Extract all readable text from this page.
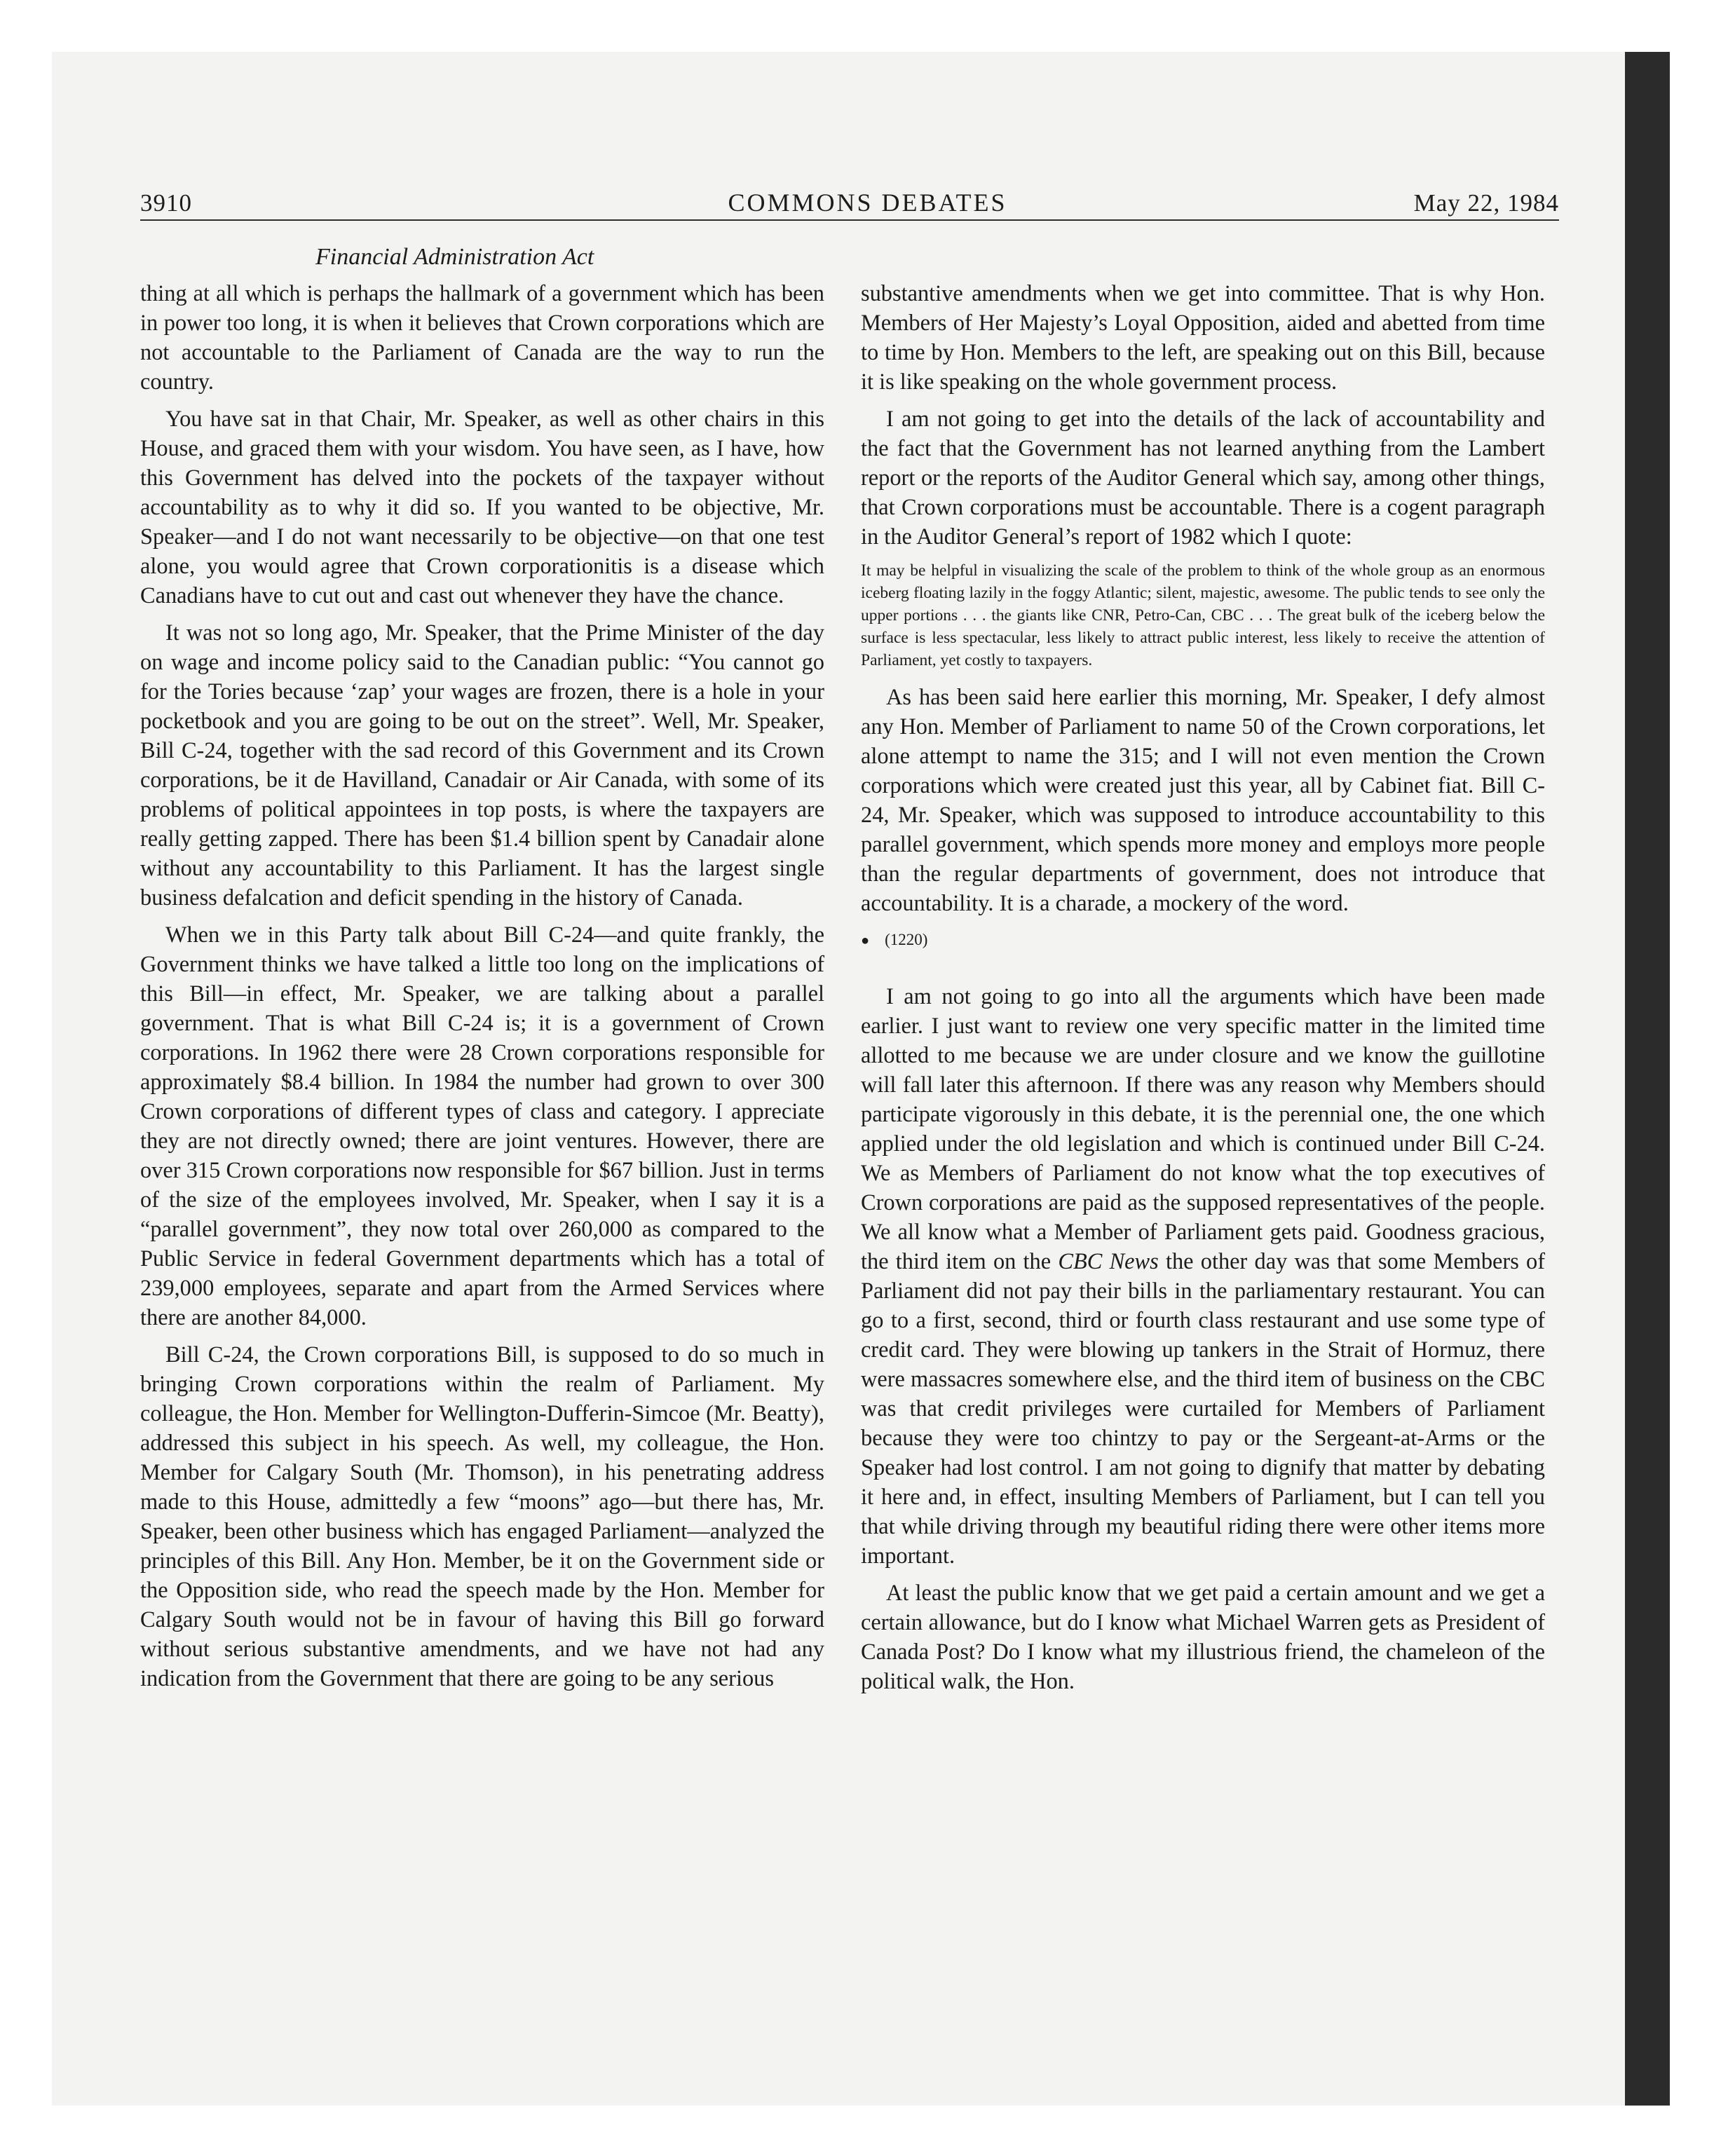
3910	COMMONS DEBATES	May 22, 1984
Financial Administration Act

thing at all which is perhaps the hallmark of a government which has been in power too long, it is when it believes that Crown corporations which are not accountable to the Parliament of Canada are the way to run the country.

You have sat in that Chair, Mr. Speaker, as well as other chairs in this House, and graced them with your wisdom. You have seen, as I have, how this Government has delved into the pockets of the taxpayer without accountability as to why it did so. If you wanted to be objective, Mr. Speaker—and I do not want necessarily to be objective—on that one test alone, you would agree that Crown corporationitis is a disease which Canadians have to cut out and cast out whenever they have the chance.

It was not so long ago, Mr. Speaker, that the Prime Minister of the day on wage and income policy said to the Canadian public: “You cannot go for the Tories because ‘zap’ your wages are frozen, there is a hole in your pocketbook and you are going to be out on the street”. Well, Mr. Speaker, Bill C-24, together with the sad record of this Government and its Crown corporations, be it de Havilland, Canadair or Air Canada, with some of its problems of political appointees in top posts, is where the taxpayers are really getting zapped. There has been $1.4 billion spent by Canadair alone without any accountability to this Parliament. It has the largest single business defalcation and deficit spending in the history of Canada.

When we in this Party talk about Bill C-24—and quite frankly, the Government thinks we have talked a little too long on the implications of this Bill—in effect, Mr. Speaker, we are talking about a parallel government. That is what Bill C-24 is; it is a government of Crown corporations. In 1962 there were 28 Crown corporations responsible for approximately $8.4 billion. In 1984 the number had grown to over 300 Crown corporations of different types of class and category. I appreciate they are not directly owned; there are joint ventures. However, there are over 315 Crown corporations now responsible for $67 billion. Just in terms of the size of the employees involved, Mr. Speaker, when I say it is a “parallel government”, they now total over 260,000 as compared to the Public Service in federal Government departments which has a total of 239,000 employees, separate and apart from the Armed Services where there are another 84,000.

Bill C-24, the Crown corporations Bill, is supposed to do so much in bringing Crown corporations within the realm of Parliament. My colleague, the Hon. Member for Wellington-Dufferin-Simcoe (Mr. Beatty), addressed this subject in his speech. As well, my colleague, the Hon. Member for Calgary South (Mr. Thomson), in his penetrating address made to this House, admittedly a few “moons” ago—but there has, Mr. Speaker, been other business which has engaged Parliament—analyzed the principles of this Bill. Any Hon. Member, be it on the Government side or the Opposition side, who read the speech made by the Hon. Member for Calgary South would not be in favour of having this Bill go forward without serious substantive amendments, and we have not had any indication from the Government that there are going to be any serious

substantive amendments when we get into committee. That is why Hon. Members of Her Majesty’s Loyal Opposition, aided and abetted from time to time by Hon. Members to the left, are speaking out on this Bill, because it is like speaking on the whole government process.

I am not going to get into the details of the lack of accountability and the fact that the Government has not learned anything from the Lambert report or the reports of the Auditor General which say, among other things, that Crown corporations must be accountable. There is a cogent paragraph in the Auditor General’s report of 1982 which I quote:

It may be helpful in visualizing the scale of the problem to think of the whole group as an enormous iceberg floating lazily in the foggy Atlantic; silent, majestic, awesome. The public tends to see only the upper portions . . . the giants like CNR, Petro-Can, CBC . . . The great bulk of the iceberg below the surface is less spectacular, less likely to attract public interest, less likely to receive the attention of Parliament, yet costly to taxpayers.

As has been said here earlier this morning, Mr. Speaker, I defy almost any Hon. Member of Parliament to name 50 of the Crown corporations, let alone attempt to name the 315; and I will not even mention the Crown corporations which were created just this year, all by Cabinet fiat. Bill C-24, Mr. Speaker, which was supposed to introduce accountability to this parallel government, which spends more money and employs more people than the regular departments of government, does not introduce that accountability. It is a charade, a mockery of the word.

● (1220)

I am not going to go into all the arguments which have been made earlier. I just want to review one very specific matter in the limited time allotted to me because we are under closure and we know the guillotine will fall later this afternoon. If there was any reason why Members should participate vigorously in this debate, it is the perennial one, the one which applied under the old legislation and which is continued under Bill C-24. We as Members of Parliament do not know what the top executives of Crown corporations are paid as the supposed representatives of the people. We all know what a Member of Parliament gets paid. Goodness gracious, the third item on the CBC News the other day was that some Members of Parliament did not pay their bills in the parliamentary restaurant. You can go to a first, second, third or fourth class restaurant and use some type of credit card. They were blowing up tankers in the Strait of Hormuz, there were massacres somewhere else, and the third item of business on the CBC was that credit privileges were curtailed for Members of Parliament because they were too chintzy to pay or the Sergeant-at-Arms or the Speaker had lost control. I am not going to dignify that matter by debating it here and, in effect, insulting Members of Parliament, but I can tell you that while driving through my beautiful riding there were other items more important.

At least the public know that we get paid a certain amount and we get a certain allowance, but do I know what Michael Warren gets as President of Canada Post? Do I know what my illustrious friend, the chameleon of the political walk, the Hon.
